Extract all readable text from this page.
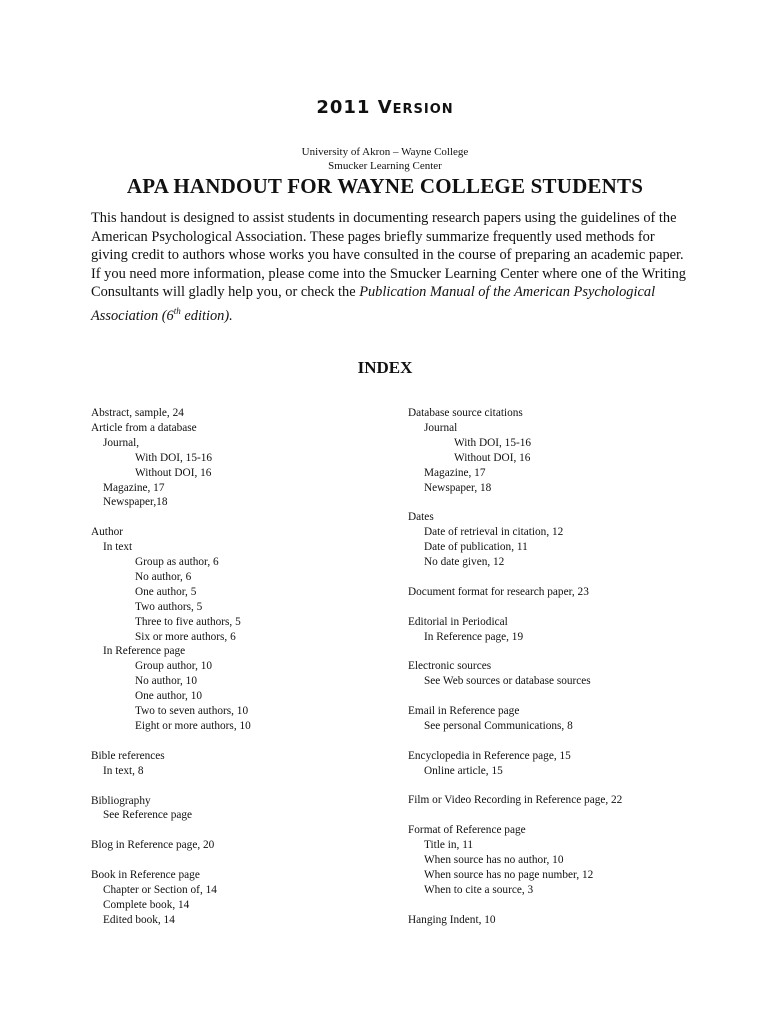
2011 Version
University of Akron – Wayne College
Smucker Learning Center
APA HANDOUT FOR WAYNE COLLEGE STUDENTS

This handout is designed to assist students in documenting research papers using the guidelines of the American Psychological Association. These pages briefly summarize frequently used methods for giving credit to authors whose works you have consulted in the course of preparing an academic paper.

If you need more information, please come into the Smucker Learning Center where one of the Writing Consultants will gladly help you, or check the Publication Manual of the American Psychological Association (6th edition).

INDEX
Abstract, sample, 24
Article from a database
Journal,
With DOI, 15-16
Without DOI, 16
Magazine, 17
Newspaper,18
Author
In text
Group as author, 6
No author, 6
One author, 5
Two authors, 5
Three to five authors, 5
Six or more authors, 6
In Reference page
Group author, 10
No author, 10
One author, 10
Two to seven authors, 10
Eight or more authors, 10
Bible references
In text, 8
Bibliography
See Reference page
Blog in Reference page, 20
Book in Reference page
Chapter or Section of, 14
Complete book, 14
Edited book, 14
Database source citations
Journal
With DOI, 15-16
Without DOI, 16
Magazine, 17
Newspaper, 18
Dates
Date of retrieval in citation, 12
Date of publication, 11
No date given, 12
Document format for research paper, 23
Editorial in Periodical
In Reference page, 19
Electronic sources
See Web sources or database sources
Email in Reference page
See personal Communications, 8
Encyclopedia in Reference page, 15
Online article, 15
Film or Video Recording in Reference page, 22
Format of Reference page
Title in, 11
When source has no author, 10
When source has no page number, 12
When to cite a source, 3
Hanging Indent, 10
